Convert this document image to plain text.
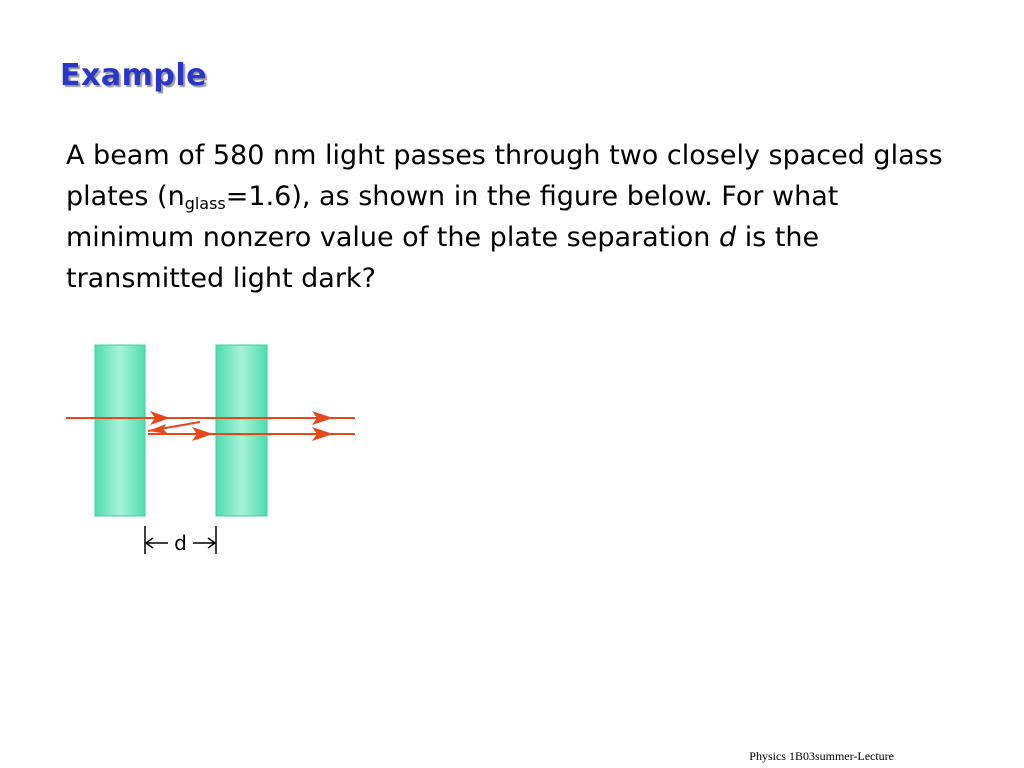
Example
A beam of 580 nm light passes through two closely spaced glass plates $(n_{glass}=1.6)$, as shown in the figure below. For what minimum nonzero value of the plate separation d is the transmitted light dark?
d
Physics 1B03summer-Lecture
